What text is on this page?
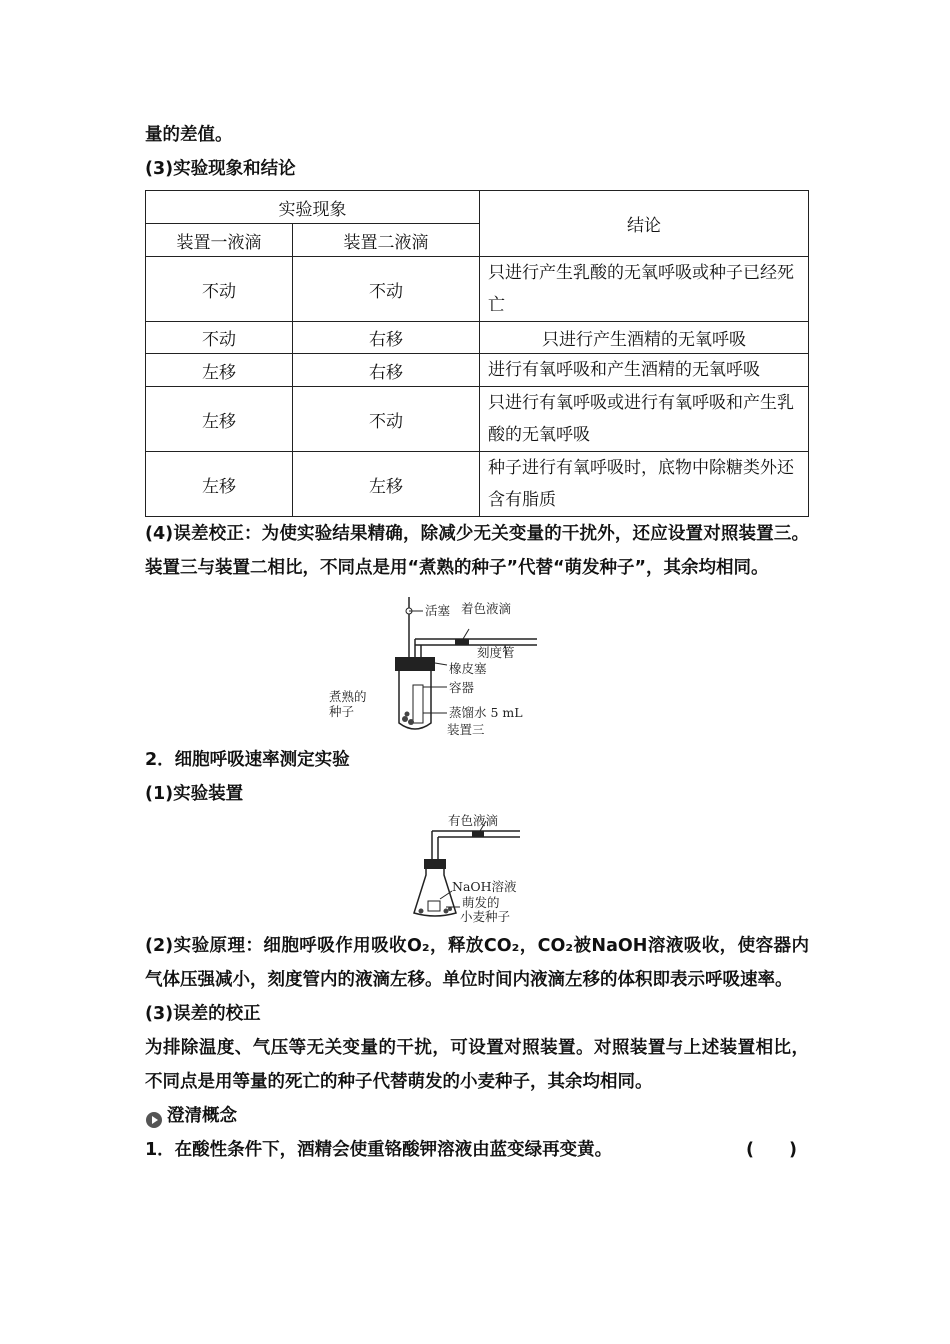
量的差值。
(3)实验现象和结论
实验现象		结论
装置一液滴	装置二液滴	
不动	不动	只进行产生乳酸的无氧呼吸或种子已经死亡
不动	右移	只进行产生酒精的无氧呼吸
左移	右移	进行有氧呼吸和产生酒精的无氧呼吸
左移	不动	只进行有氧呼吸或进行有氧呼吸和产生乳酸的无氧呼吸
左移	左移	种子进行有氧呼吸时，底物中除糖类外还含有脂质
(4)误差校正：为使实验结果精确，除减少无关变量的干扰外，还应设置对照装置三。装置三与装置二相比，不同点是用“煮熟的种子”代替“萌发种子”，其余均相同。
活塞 着色液滴
刻度管
橡皮塞
容器
蒸馏水 5 mL
装置三
煮熟的
种子
2．细胞呼吸速率测定实验
(1)实验装置
有色液滴
NaOH溶液
萌发的
小麦种子
(2)实验原理：细胞呼吸作用吸收O₂，释放CO₂，CO₂被NaOH溶液吸收，使容器内气体压强减小，刻度管内的液滴左移。单位时间内液滴左移的体积即表示呼吸速率。
(3)误差的校正
为排除温度、气压等无关变量的干扰，可设置对照装置。对照装置与上述装置相比，不同点是用等量的死亡的种子代替萌发的小麦种子，其余均相同。
澄清概念
1．在酸性条件下，酒精会使重铬酸钾溶液由蓝变绿再变黄。	(　　)
